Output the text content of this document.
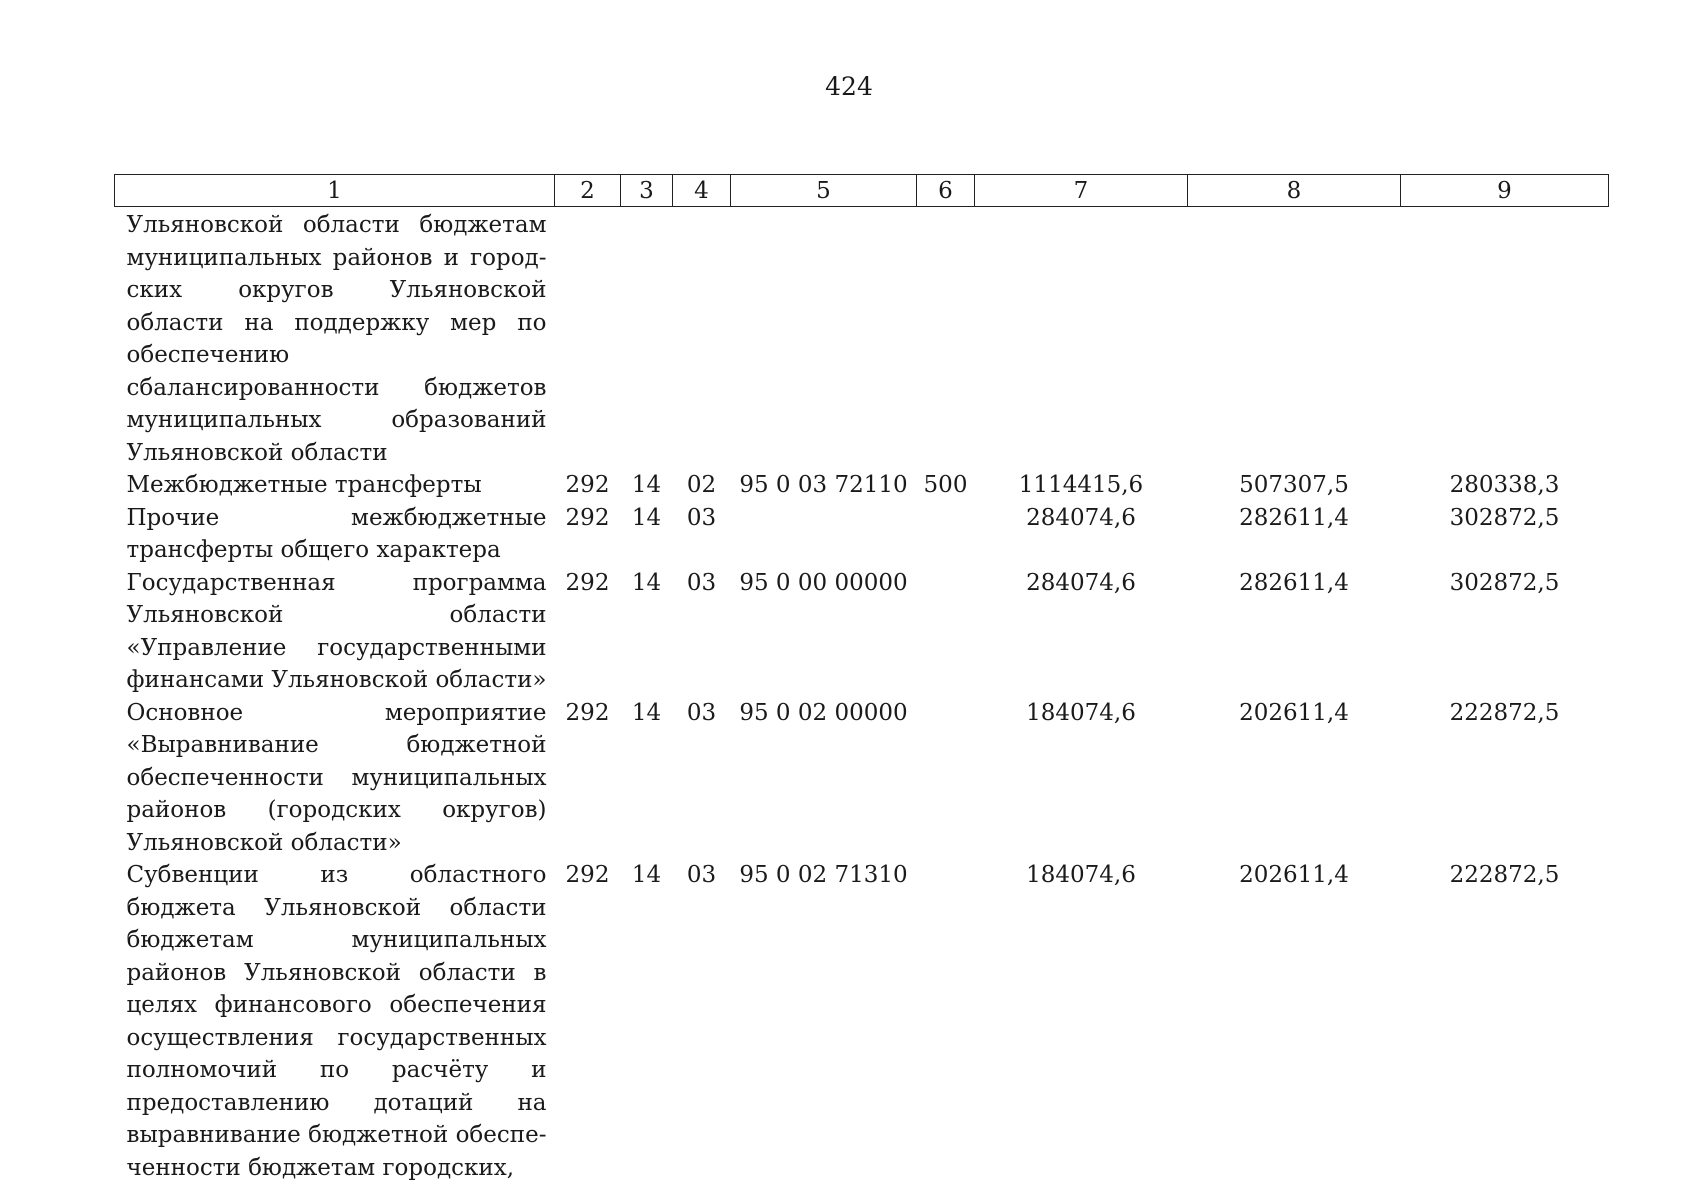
424
1	2	3	4	5	6	7	8	9
Ульяновской области бюджетам муниципальных районов и городских округов Ульяновской области на поддержку мер по обеспечению сбалансированности бюджетов муниципальных образований Ульяновской области								
Межбюджетные трансферты	292	14	02	95 0 03 72110	500	1114415,6	507307,5	280338,3
Прочие межбюджетные трансферты общего характера	292	14	03			284074,6	282611,4	302872,5
Государственная программа Ульяновской области «Управление государственными финансами Ульяновской области»	292	14	03	95 0 00 00000		284074,6	282611,4	302872,5
Основное мероприятие «Выравнивание бюджетной обеспеченности муниципальных районов (городских округов) Ульяновской области»	292	14	03	95 0 02 00000		184074,6	202611,4	222872,5
Субвенции из областного бюджета Ульяновской области бюджетам муниципальных районов Ульяновской области в целях финансового обеспечения осуществления государственных полномочий по расчёту и предоставлению дотаций на выравнивание бюджетной обеспеченности бюджетам городских,	292	14	03	95 0 02 71310		184074,6	202611,4	222872,5
